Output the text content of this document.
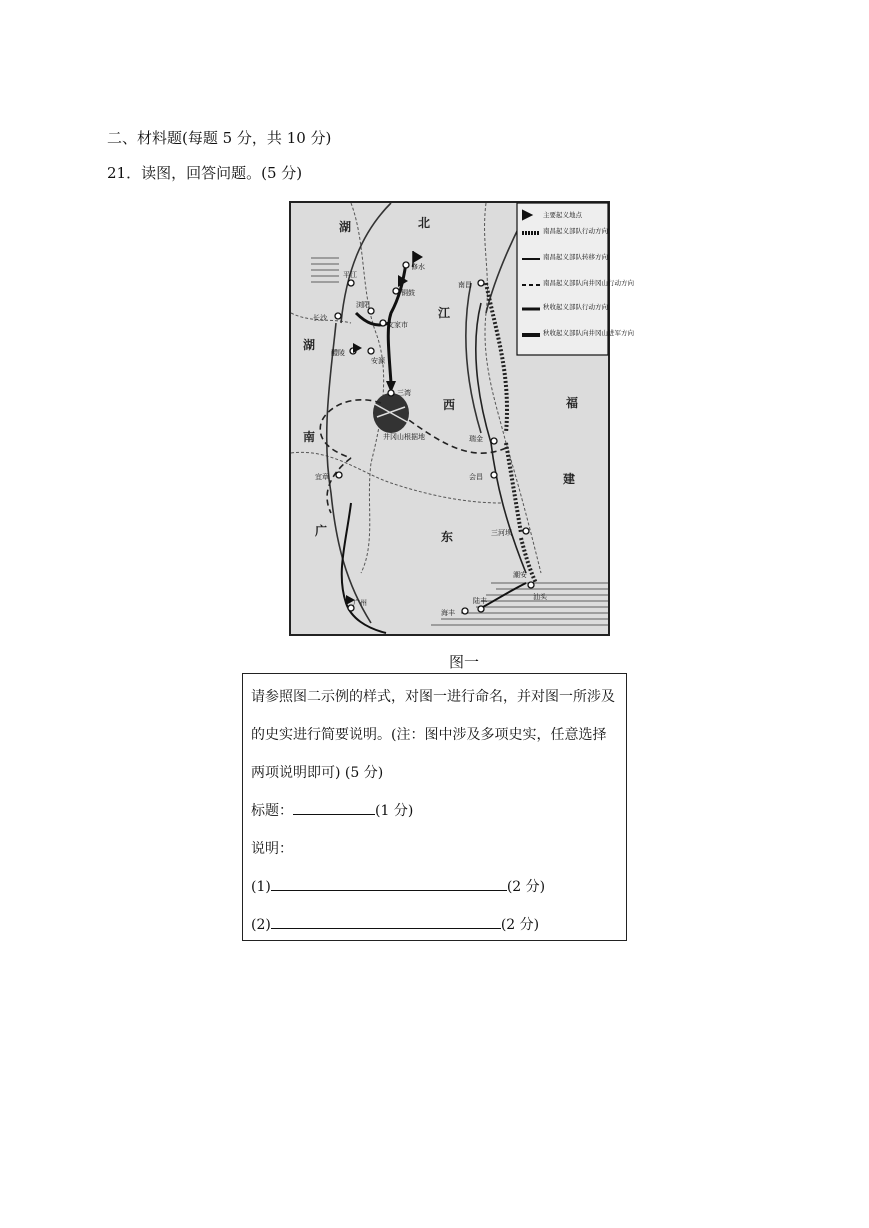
二、材料题(每题 5 分，共 10 分)
21．读图，回答问题。(5 分)
湖	北
江
湖
西	福
南
建
广	东
修水
铜鼓
平江
浏阳
文家市
长沙
醴陵
安源
三湾
井冈山根据地
宜章
南昌
瑞金
会昌
三河坝
汕头
潮安
海丰
陆丰
广州
主要起义地点
南昌起义部队行动方向
南昌起义部队转移方向
南昌起义部队向井冈山行动方向
秋收起义部队行动方向
秋收起义部队向井冈山进军方向
图一

请参照图二示例的样式，对图一进行命名，并对图一所涉及的史实进行简要说明。(注：图中涉及多项史实，任意选择两项说明即可) (5 分)

标题：	(1 分)

说明：

(1)	(2 分)

(2)	(2 分)
